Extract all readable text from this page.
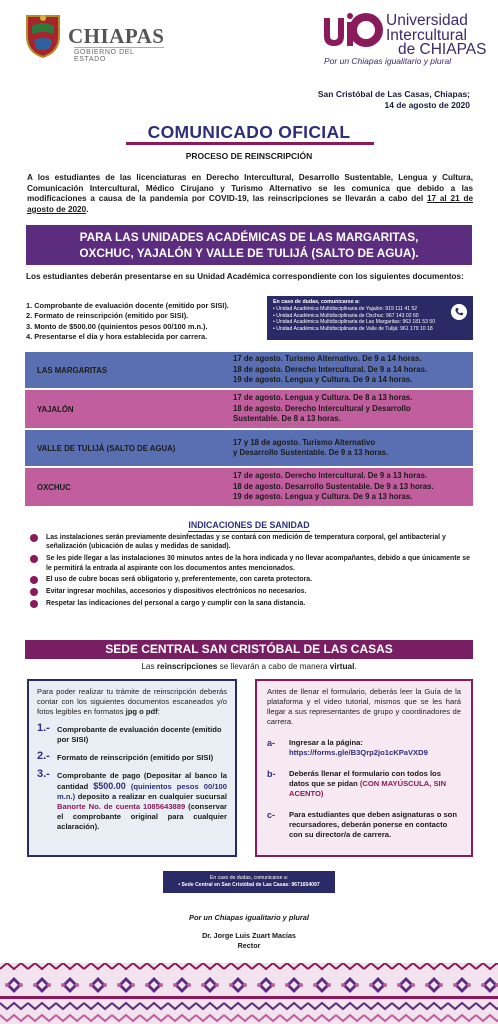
CHIAPAS
GOBIERNO DEL ESTADO
Universidad
Intercultural
de CHIAPAS
Por un Chiapas igualitario y plural
San Cristóbal de Las Casas, Chiapas;
14 de agosto de 2020
COMUNICADO OFICIAL
PROCESO DE REINSCRIPCIÓN
A los estudiantes de las licenciaturas en Derecho Intercultural, Desarrollo Sustentable, Lengua y Cultura, Comunicación Intercultural, Médico Cirujano y Turismo Alternativo se les comunica que debido a las modificaciones a causa de la pandemia por COVID-19, las reinscripciones se llevarán a cabo del 17 al 21 de agosto de 2020.
PARA LAS UNIDADES ACADÉMICAS DE LAS MARGARITAS,
OXCHUC, YAJALÓN Y VALLE DE TULIJÁ (SALTO DE AGUA).
Los estudiantes deberán presentarse en su Unidad Académica correspondiente con los siguientes documentos:
1. Comprobante de evaluación docente (emitido por SISI).
2. Formato de reinscripción (emitido por SISI).
3. Monto de $500.00 (quinientos pesos 00/100 m.n.).
4. Presentarse el día y hora establecida por carrera.
En caso de dudas, comunicarse a:
• Unidad Académica Multidisciplinaria de Yajalón: 919 111 41 52
• Unidad Académica Multidisciplinaria de Oxchuc: 967 143 02 60
• Unidad Académica Multidisciplinaria de Las Margaritas: 963 181 53 50
• Unidad Académica Multidisciplinaria de Valle de Tulijá: 961 179 10 18
LAS MARGARITAS
17 de agosto. Turismo Alternativo. De 9 a 14 horas.
18 de agosto. Derecho Intercultural. De 9 a 14 horas.
19 de agosto. Lengua y Cultura. De 9 a 14 horas.
YAJALÓN
17 de agosto. Lengua y Cultura. De 8 a 13 horas.
18 de agosto. Derecho Intercultural y Desarrollo
Sustentable. De 8 a 13 horas.
VALLE DE TULIJÁ (SALTO DE AGUA)
17 y 18 de agosto. Turismo Alternativo
y Desarrollo Sustentable. De 9 a 13 horas.
OXCHUC
17 de agosto. Derecho Intercultural. De 9 a 13 horas.
18 de agosto. Desarrollo Sustentable. De 9 a 13 horas.
19 de agosto. Lengua y Cultura. De 9 a 13 horas.
INDICACIONES DE SANIDAD
Las instalaciones serán previamente desinfectadas y se contará con medición de temperatura corporal, gel antibacterial y señalización (ubicación de aulas y medidas de sanidad).
Se les pide llegar a las instalaciones 30 minutos antes de la hora indicada y no llevar acompañantes, debido a que únicamente se le permitirá la entrada al aspirante con los documentos antes mencionados.
El uso de cubre bocas será obligatorio y, preferentemente, con careta protectora.
Evitar ingresar mochilas, accesorios y dispositivos electrónicos no necesarios.
Respetar las indicaciones del personal a cargo y cumplir con la sana distancia.
SEDE CENTRAL SAN CRISTÓBAL DE LAS CASAS
Las reinscripciones se llevarán a cabo de manera virtual.
Para poder realizar tu trámite de reinscripción deberás contar con los siguientes documentos escaneados y/o fotos legibles en formatos jpg o pdf:
1.- Comprobante de evaluación docente (emitido por SISI)
2.- Formato de reinscripción (emitido por SISI)
3.- Comprobante de pago (Depositar al banco la cantidad $500.00 (quinientos pesos 00/100 m.n.) deposito a realizar en cualquier sucursal Banorte No. de cuenta 1085643889 (conservar el comprobante original para cualquier aclaración).
Antes de llenar el formulario, deberás leer la Guía de la plataforma y el video tutorial, mismos que se les hará llegar a sus representantes de grupo y coordinadores de carrera.
a- Ingresar a la página:
https://forms.gle/B3Qrp2jo1cKPaVXD9
b- Deberás llenar el formulario con todos los datos que se pidan (CON MAYÚSCULA, SIN ACENTO)
c- Para estudiantes que deben asignaturas o son recursadores, deberán ponerse en contacto con su director/a de carrera.
En caso de dudas, comunicarse a:
• Sede Central en San Cristóbal de Las Casas: 9671654097
Por un Chiapas igualitario y plural
Dr. Jorge Luis Zuart Macías
Rector
